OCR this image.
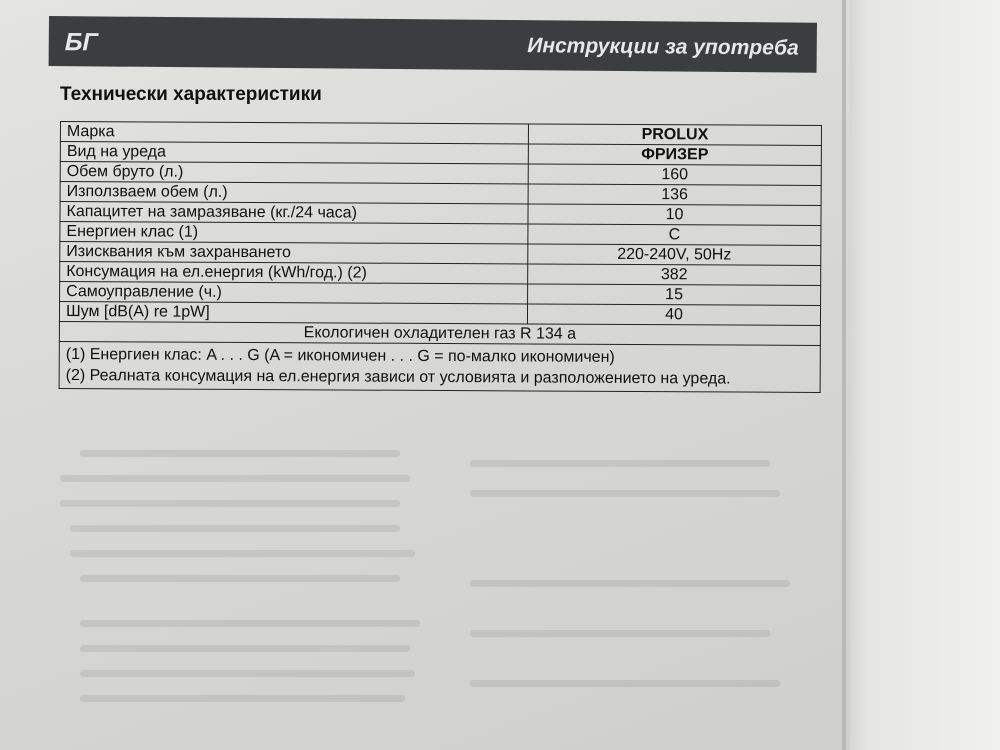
БГ	Инструкции за употреба
Технически характеристики
Марка	PROLUX
Вид на уреда	ФРИЗЕР
Обем бруто (л.)	160
Използваем обем (л.)	136
Капацитет на замразяване (кг./24 часа)	10
Енергиен клас (1)	C
Изисквания към захранването	220-240V, 50Hz
Консумация на ел.енергия (kWh/год.) (2)	382
Самоуправление (ч.)	15
Шум [dB(A) re 1pW]	40
Екологичен охладителен газ R 134 a	

(1) Енергиен клас: A . . . G (A = икономичен . . . G = по-малко икономичен)
(2) Реалната консумация на ел.енергия зависи от условията и разположението на уреда.	
